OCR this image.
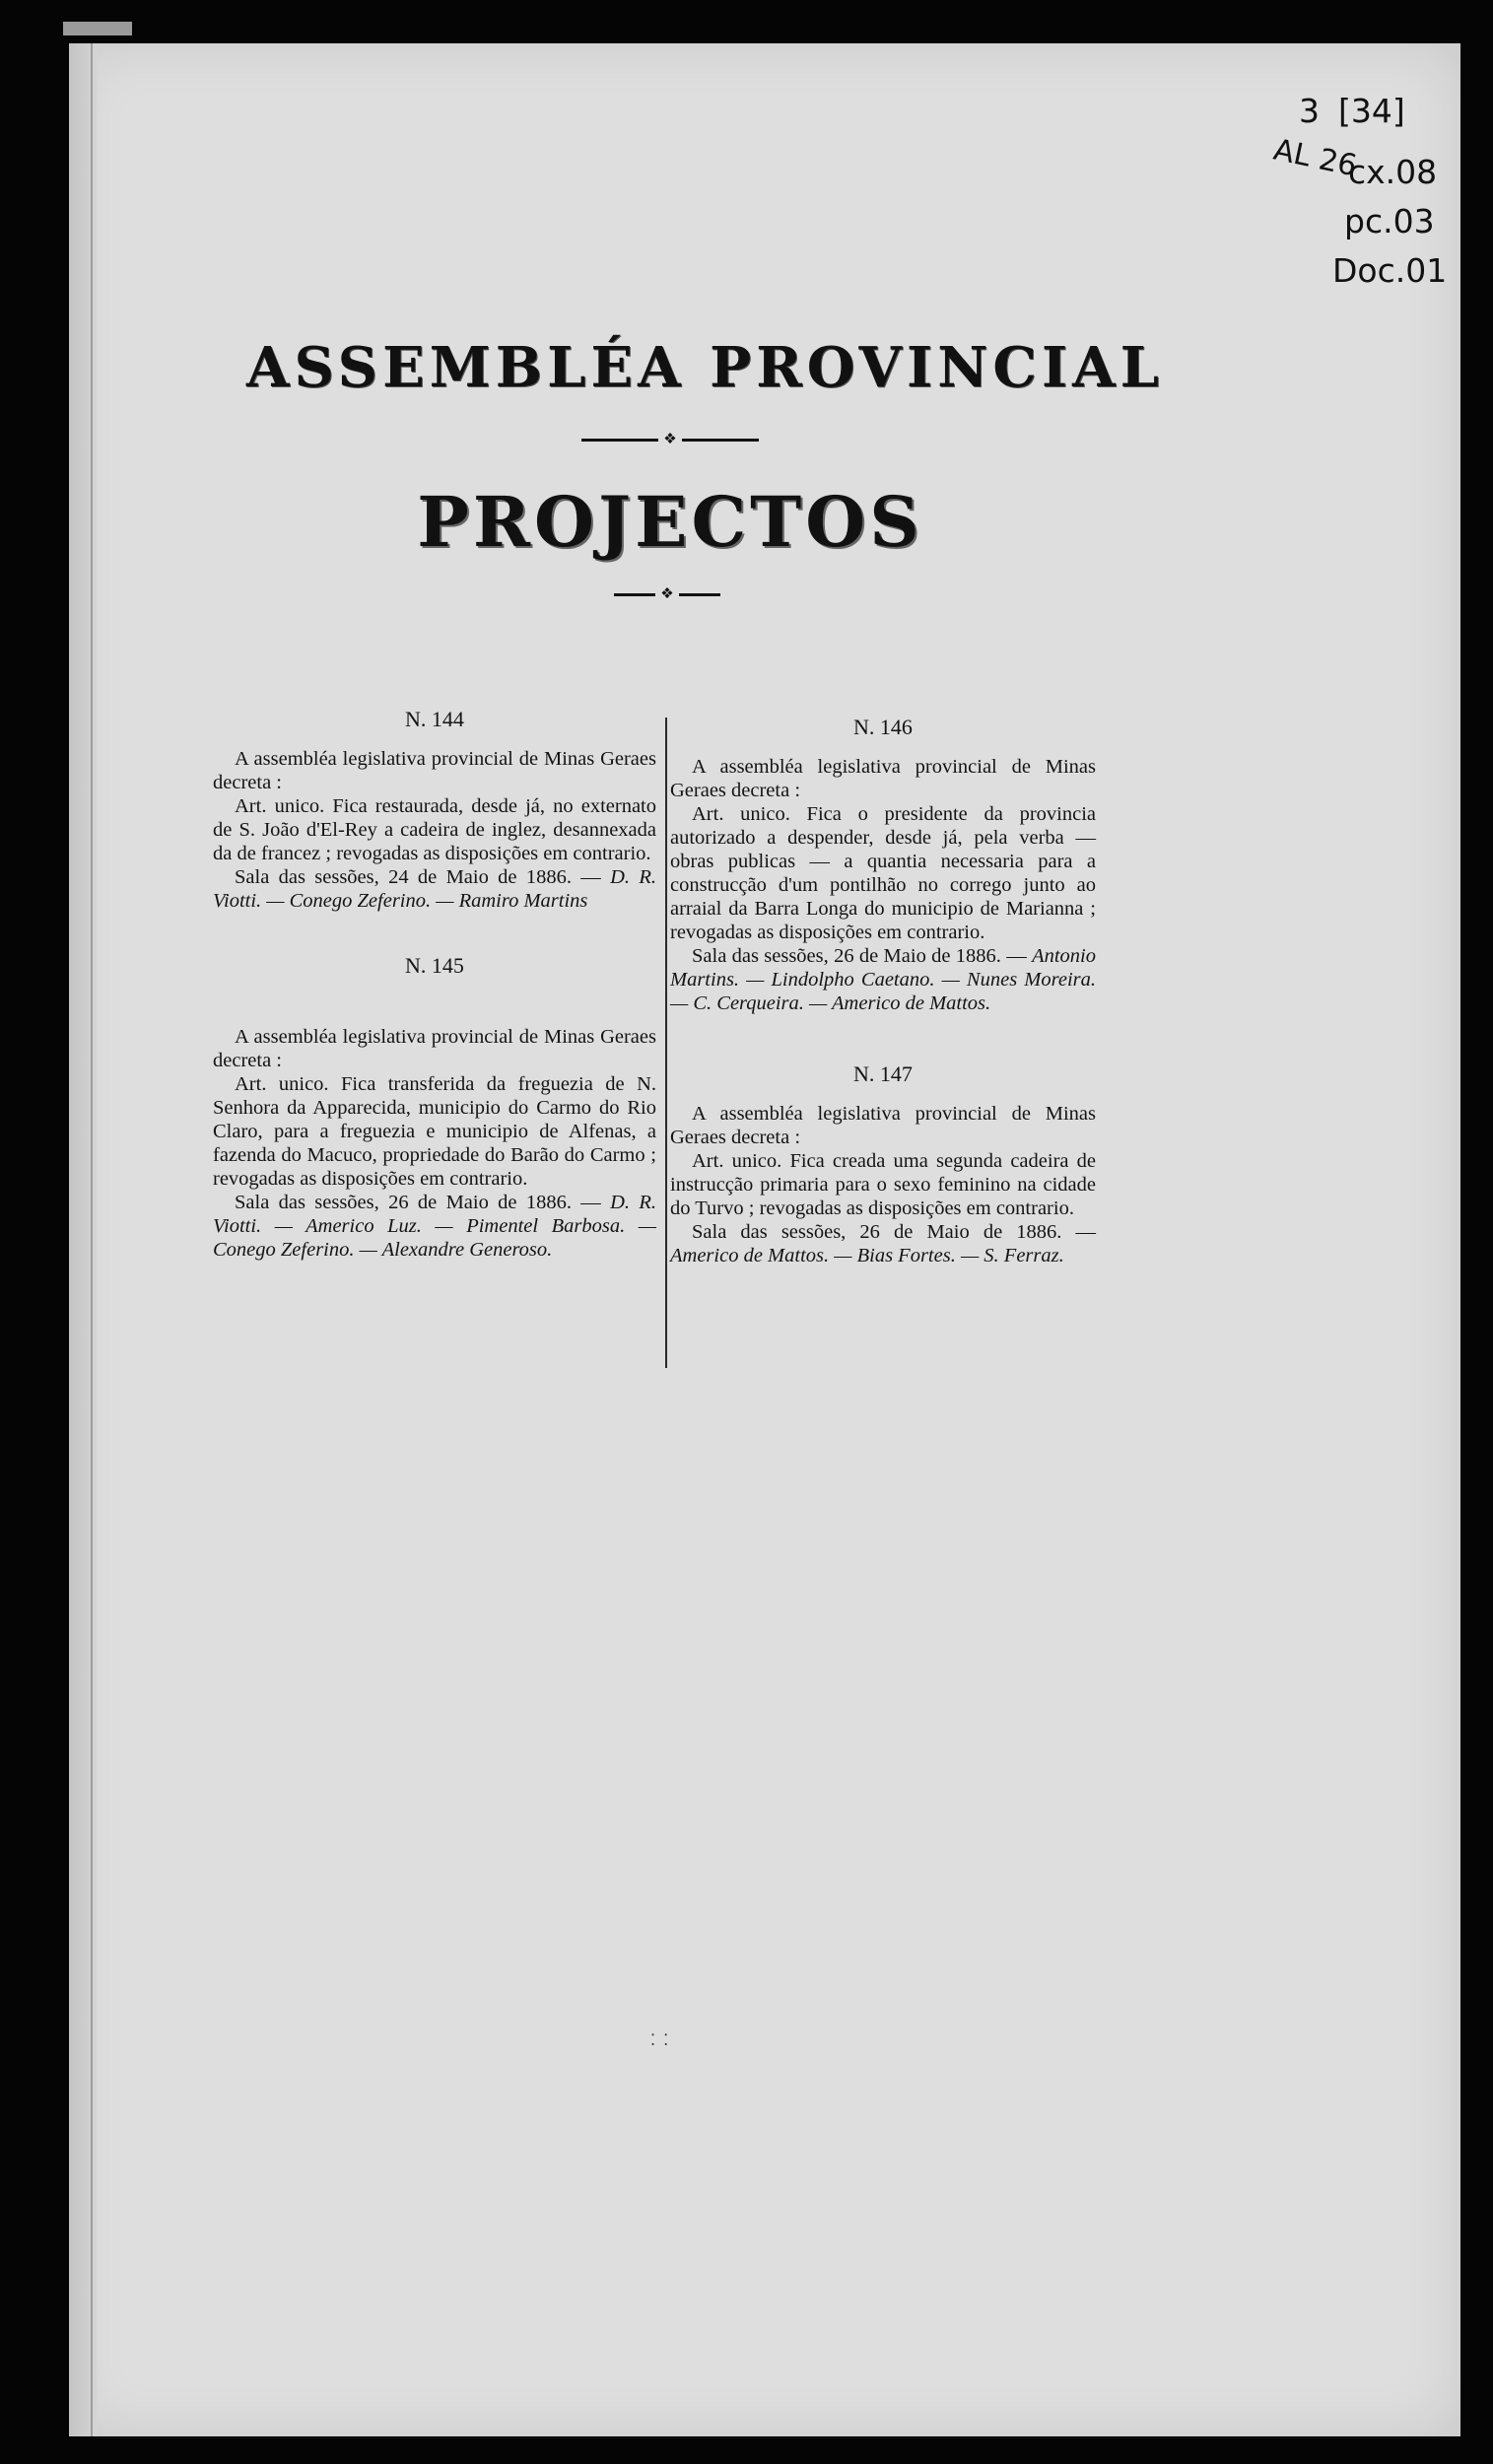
3 [34]
AL 26
cx.08
pc.03
Doc.01
ASSEMBLÉA PROVINCIAL
❖
PROJECTOS
❖

N. 144

A assembléa legislativa provincial de Minas Geraes decreta :

Art. unico. Fica restaurada, desde já, no externato de S. João d'El-Rey a cadeira de inglez, desannexada da de francez ; revogadas as disposições em contrario.

Sala das sessões, 24 de Maio de 1886. — D. R. Viotti. — Conego Zeferino. — Ramiro Martins

N. 145

A assembléa legislativa provincial de Minas Geraes decreta :

Art. unico. Fica transferida da freguezia de N. Senhora da Apparecida, municipio do Carmo do Rio Claro, para a freguezia e municipio de Alfenas, a fazenda do Macuco, propriedade do Barão do Carmo ; revogadas as disposições em contrario.

Sala das sessões, 26 de Maio de 1886. — D. R. Viotti. — Americo Luz. — Pimentel Barbosa. — Conego Zeferino. — Alexandre Generoso.

N. 146

A assembléa legislativa provincial de Minas Geraes decreta :

Art. unico. Fica o presidente da provincia autorizado a despender, desde já, pela verba — obras publicas — a quantia necessaria para a construcção d'um pontilhão no corrego junto ao arraial da Barra Longa do municipio de Marianna ; revogadas as disposições em contrario.

Sala das sessões, 26 de Maio de 1886. — Antonio Martins. — Lindolpho Caetano. — Nunes Moreira. — C. Cerqueira. — Americo de Mattos.

N. 147

A assembléa legislativa provincial de Minas Geraes decreta :

Art. unico. Fica creada uma segunda cadeira de instrucção primaria para o sexo feminino na cidade do Turvo ; revogadas as disposições em contrario.

Sala das sessões, 26 de Maio de 1886. — Americo de Mattos. — Bias Fortes. — S. Ferraz.

⁚ ⁚
